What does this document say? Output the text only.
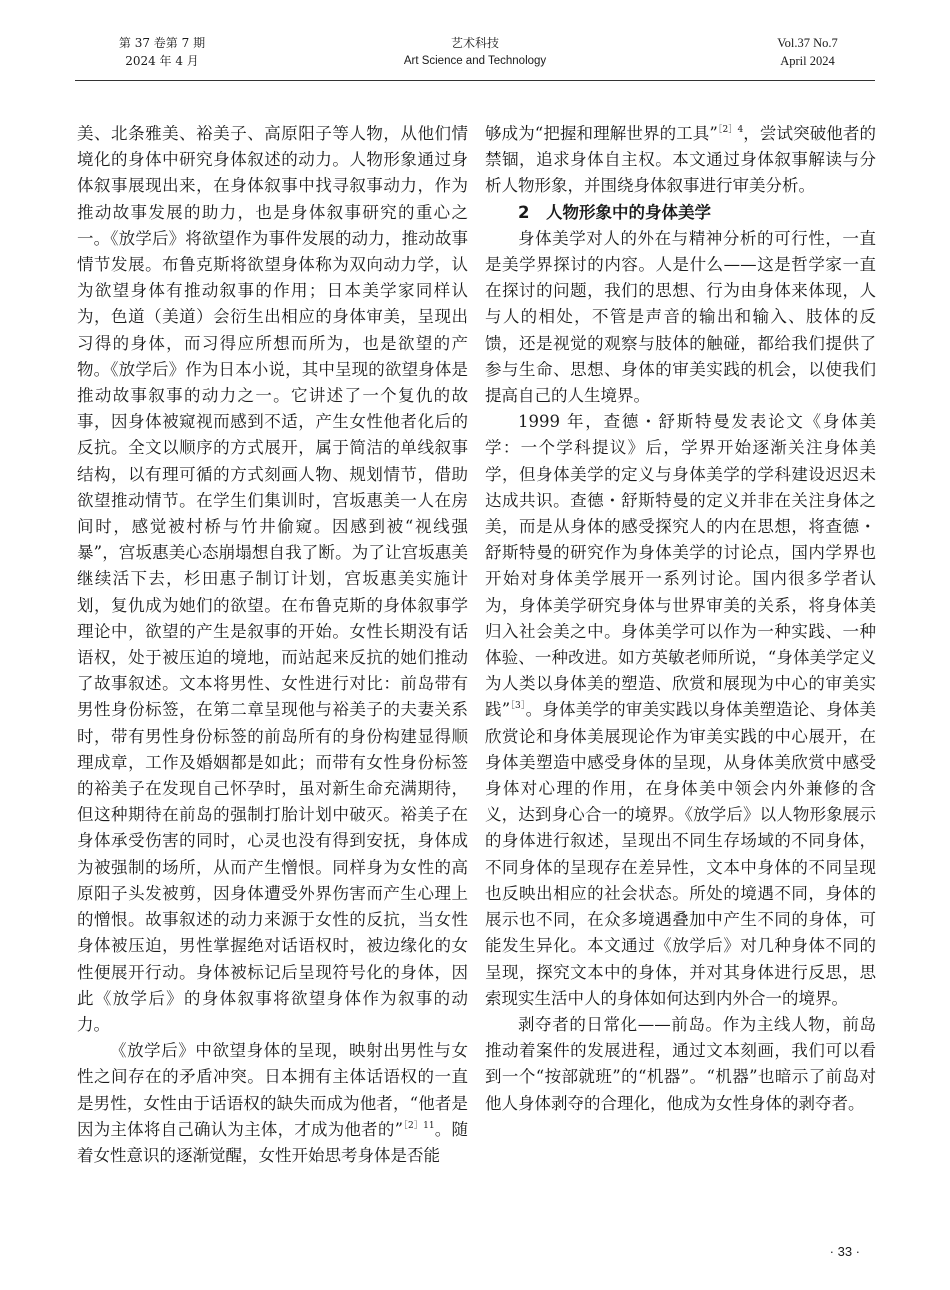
第 37 卷第 7 期
2024 年 4 月
艺术科技
Art Science and Technology
Vol.37 No.7
April 2024

美、北条雅美、裕美子、高原阳子等人物，从他们情境化的身体中研究身体叙述的动力。人物形象通过身体叙事展现出来，在身体叙事中找寻叙事动力，作为推动故事发展的助力，也是身体叙事研究的重心之一。《放学后》将欲望作为事件发展的动力，推动故事情节发展。布鲁克斯将欲望身体称为双向动力学，认为欲望身体有推动叙事的作用；日本美学家同样认为，色道（美道）会衍生出相应的身体审美，呈现出习得的身体，而习得应所想而所为，也是欲望的产物。《放学后》作为日本小说，其中呈现的欲望身体是推动故事叙事的动力之一。它讲述了一个复仇的故事，因身体被窥视而感到不适，产生女性他者化后的反抗。全文以顺序的方式展开，属于简洁的单线叙事结构，以有理可循的方式刻画人物、规划情节，借助欲望推动情节。在学生们集训时，宫坂惠美一人在房间时，感觉被村桥与竹井偷窥。因感到被“视线强暴”，宫坂惠美心态崩塌想自我了断。为了让宫坂惠美继续活下去，杉田惠子制订计划，宫坂惠美实施计划，复仇成为她们的欲望。在布鲁克斯的身体叙事学理论中，欲望的产生是叙事的开始。女性长期没有话语权，处于被压迫的境地，而站起来反抗的她们推动了故事叙述。文本将男性、女性进行对比：前岛带有男性身份标签，在第二章呈现他与裕美子的夫妻关系时，带有男性身份标签的前岛所有的身份构建显得顺理成章，工作及婚姻都是如此；而带有女性身份标签的裕美子在发现自己怀孕时，虽对新生命充满期待，但这种期待在前岛的强制打胎计划中破灭。裕美子在身体承受伤害的同时，心灵也没有得到安抚，身体成为被强制的场所，从而产生憎恨。同样身为女性的高原阳子头发被剪，因身体遭受外界伤害而产生心理上的憎恨。故事叙述的动力来源于女性的反抗，当女性身体被压迫，男性掌握绝对话语权时，被边缘化的女性便展开行动。身体被标记后呈现符号化的身体，因此《放学后》的身体叙事将欲望身体作为叙事的动力。

《放学后》中欲望身体的呈现，映射出男性与女性之间存在的矛盾冲突。日本拥有主体话语权的一直是男性，女性由于话语权的缺失而成为他者，“他者是因为主体将自己确认为主体，才成为他者的”$^{[2]11}$。随着女性意识的逐渐觉醒，女性开始思考身体是否能

够成为“把握和理解世界的工具”$^{[2]4}$，尝试突破他者的禁锢，追求身体自主权。本文通过身体叙事解读与分析人物形象，并围绕身体叙事进行审美分析。

2　人物形象中的身体美学

身体美学对人的外在与精神分析的可行性，一直是美学界探讨的内容。人是什么——这是哲学家一直在探讨的问题，我们的思想、行为由身体来体现，人与人的相处，不管是声音的输出和输入、肢体的反馈，还是视觉的观察与肢体的触碰，都给我们提供了参与生命、思想、身体的审美实践的机会，以使我们提高自己的人生境界。

1999 年，查德・舒斯特曼发表论文《身体美学：一个学科提议》后，学界开始逐渐关注身体美学，但身体美学的定义与身体美学的学科建设迟迟未达成共识。查德・舒斯特曼的定义并非在关注身体之美，而是从身体的感受探究人的内在思想，将查德・舒斯特曼的研究作为身体美学的讨论点，国内学界也开始对身体美学展开一系列讨论。国内很多学者认为，身体美学研究身体与世界审美的关系，将身体美归入社会美之中。身体美学可以作为一种实践、一种体验、一种改进。如方英敏老师所说，“身体美学定义为人类以身体美的塑造、欣赏和展现为中心的审美实践”$^{[3]}$。身体美学的审美实践以身体美塑造论、身体美欣赏论和身体美展现论作为审美实践的中心展开，在身体美塑造中感受身体的呈现，从身体美欣赏中感受身体对心理的作用，在身体美中领会内外兼修的含义，达到身心合一的境界。《放学后》以人物形象展示的身体进行叙述，呈现出不同生存场域的不同身体，不同身体的呈现存在差异性，文本中身体的不同呈现也反映出相应的社会状态。所处的境遇不同，身体的展示也不同，在众多境遇叠加中产生不同的身体，可能发生异化。本文通过《放学后》对几种身体不同的呈现，探究文本中的身体，并对其身体进行反思，思索现实生活中人的身体如何达到内外合一的境界。

剥夺者的日常化——前岛。作为主线人物，前岛推动着案件的发展进程，通过文本刻画，我们可以看到一个“按部就班”的“机器”。“机器”也暗示了前岛对他人身体剥夺的合理化，他成为女性身体的剥夺者。

· 33 ·
